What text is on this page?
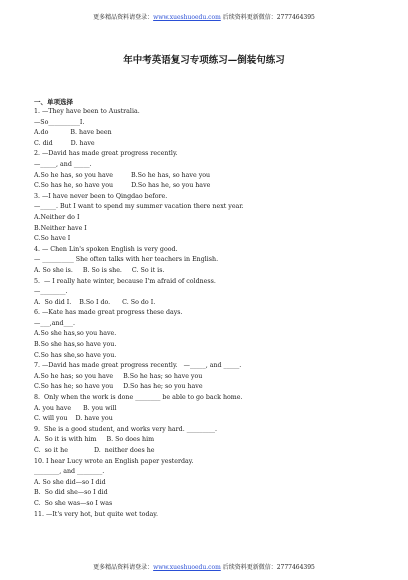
更多精品资料请登录：www.xueshuoedu.com 后续资料更新微信：2777464395
年中考英语复习专项练习—倒装句练习
一、单项选择
1. —They have been to Australia.
—So__________I.
A.do           B. have been
C. did         D. have
2. —David has made great progress recently.
—_____, and _____.
A.So he has, so you have         B.So he has, so have you
C.So has he, so have you         D.So has he, so you have
3. —I have never been to Qingdao before.
—_____. But I want to spend my summer vacation there next year.
A.Neither do I
B.Neither have I
C.So have I
4. — Chen Lin's spoken English is very good.
— __________ She often talks with her teachers in English.
A. So she is.     B. So is she.     C. So it is.
5.  — I really hate winter, because I'm afraid of coldness.
—________.
A.  So did I.    B.So I do.      C. So do I.
6. —Kate has made great progress these days.
—___,and___.
A.So she has,so you have.
B.So she has,so have you.
C.So has she,so have you.
7. —David has made great progress recently.   —_____, and _____.
A.So he has; so you have     B.So he has; so have you
C.So has he; so have you     D.So has he; so you have
8.  Only when the work is done ________ be able to go back home.
A. you have      B. you will
C. will you    D. have you
9.  She is a good student, and works very hard. _________.
A.  So it is with him     B. So does him
C.  so it he             D.  neither does he
10. I hear Lucy wrote an English paper yesterday.
________, and ________.
A. So she did—so I did
B.  So did she—so I did
C.  So she was—so I was
11. —It's very hot, but quite wet today.
更多精品资料请登录：www.xueshuoedu.com 后续资料更新微信：2777464395
